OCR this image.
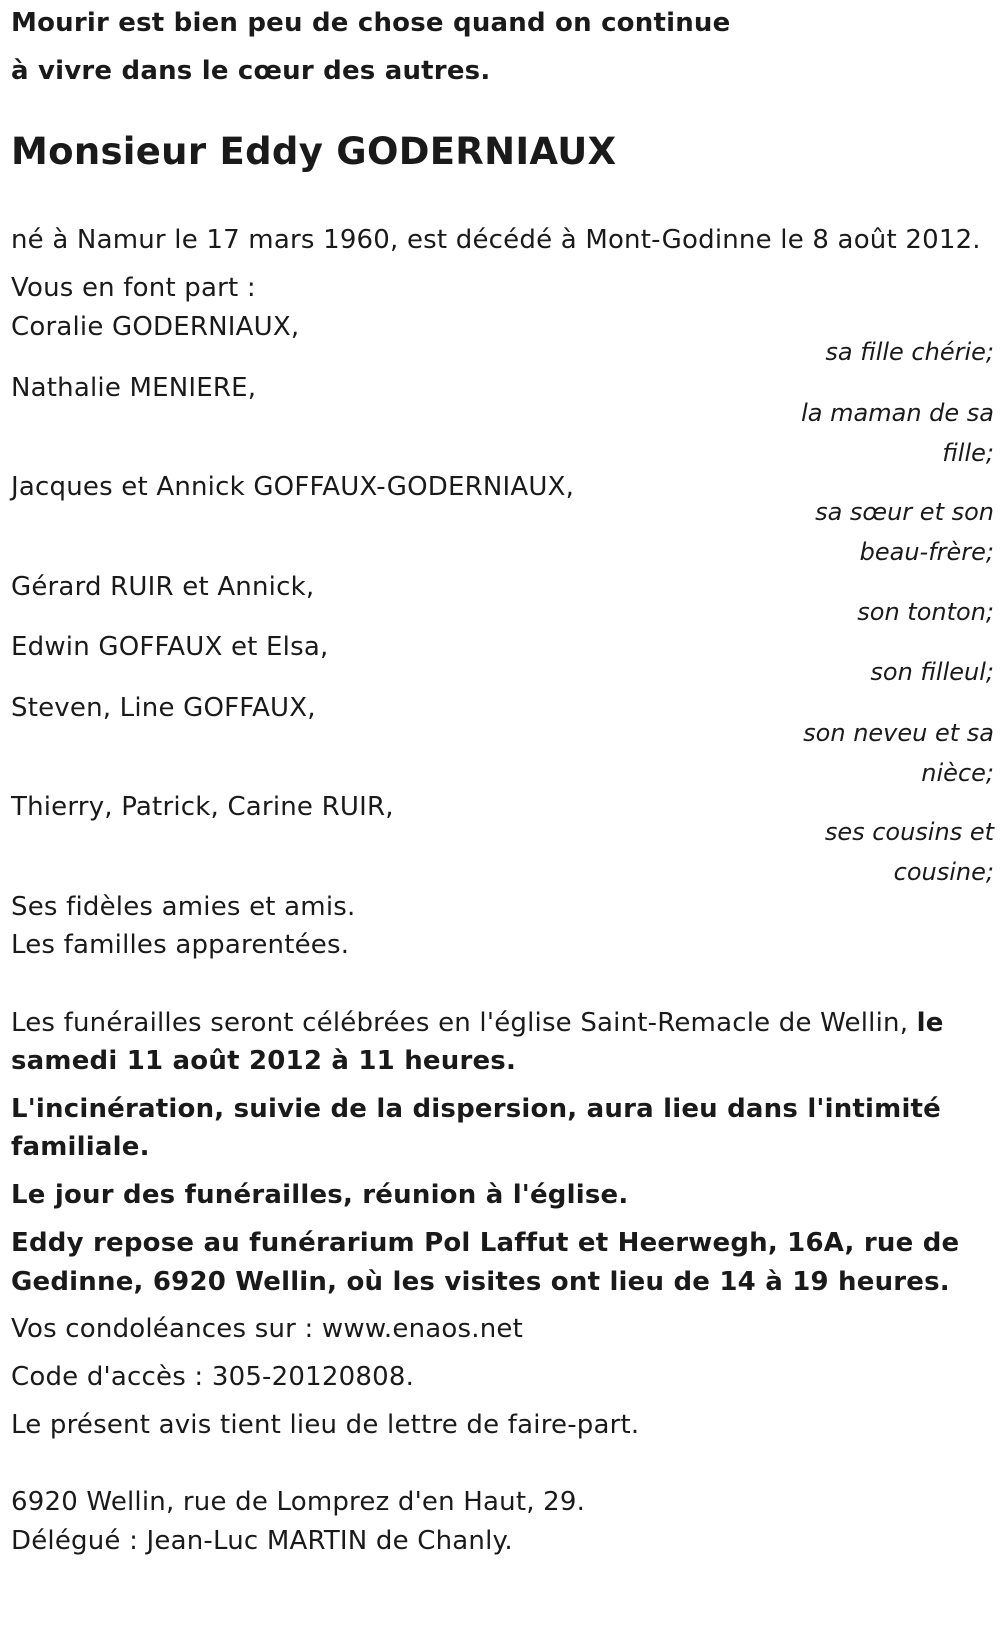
Mourir est bien peu de chose quand on continue

à vivre dans le cœur des autres.

Monsieur Eddy GODERNIAUX

né à Namur le 17 mars 1960, est décédé à Mont-Godinne le 8 août 2012.

Vous en font part :

Coralie GODERNIAUX,

sa fille chérie;

Nathalie MENIERE,

la maman de sa fille;

Jacques et Annick GOFFAUX-GODERNIAUX,

sa sœur et son beau-frère;

Gérard RUIR et Annick,

son tonton;

Edwin GOFFAUX et Elsa,

son filleul;

Steven, Line GOFFAUX,

son neveu et sa nièce;

Thierry, Patrick, Carine RUIR,

ses cousins et cousine;

Ses fidèles amies et amis.

Les familles apparentées.

Les funérailles seront célébrées en l'église Saint-Remacle de Wellin, le

samedi 11 août 2012 à 11 heures.

L'incinération, suivie de la dispersion, aura lieu dans l'intimité

familiale.

Le jour des funérailles, réunion à l'église.

Eddy repose au funérarium Pol Laffut et Heerwegh, 16A, rue de

Gedinne, 6920 Wellin, où les visites ont lieu de 14 à 19 heures.

Vos condoléances sur : www.enaos.net

Code d'accès : 305-20120808.

Le présent avis tient lieu de lettre de faire-part.

6920 Wellin, rue de Lomprez d'en Haut, 29.

Délégué : Jean-Luc MARTIN de Chanly.
